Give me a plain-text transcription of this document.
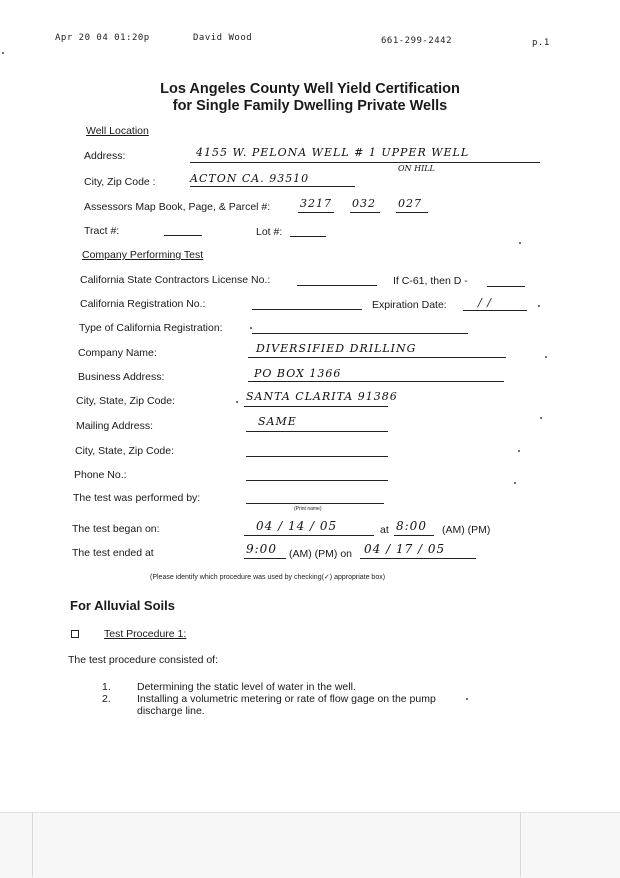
Apr 20 04 01:20p	David Wood	661-299-2442	p.1
Los Angeles County Well Yield Certification
for Single Family Dwelling Private Wells
Well Location
Address:	4155 W. PELONA WELL # 1 UPPER WELL
ON HILL
City, Zip Code :	ACTON CA. 93510
Assessors Map Book, Page, & Parcel #:	3217 032 027
Tract #:	Lot #:
Company Performing Test
California State Contractors License No.:	If C-61, then D -
California Registration No.:	Expiration Date:	/ /
Type of California Registration:
Company Name:	DIVERSIFIED DRILLING
Business Address:	PO BOX 1366
City, State, Zip Code:	SANTA CLARITA 91386
Mailing Address:	SAME
City, State, Zip Code:
Phone No.:
The test was performed by:
(Print name)
The test began on:	04 / 14 / 05	at 8:00 (AM) (PM)
The test ended at	9:00 (AM) (PM) on 04 / 17 / 05
(Please identify which procedure was used by checking(✓) appropriate box)
For Alluvial Soils
Test Procedure 1:
The test procedure consisted of:
1. Determining the static level of water in the well.
2. Installing a volumetric metering or rate of flow gage on the pump
discharge line.
